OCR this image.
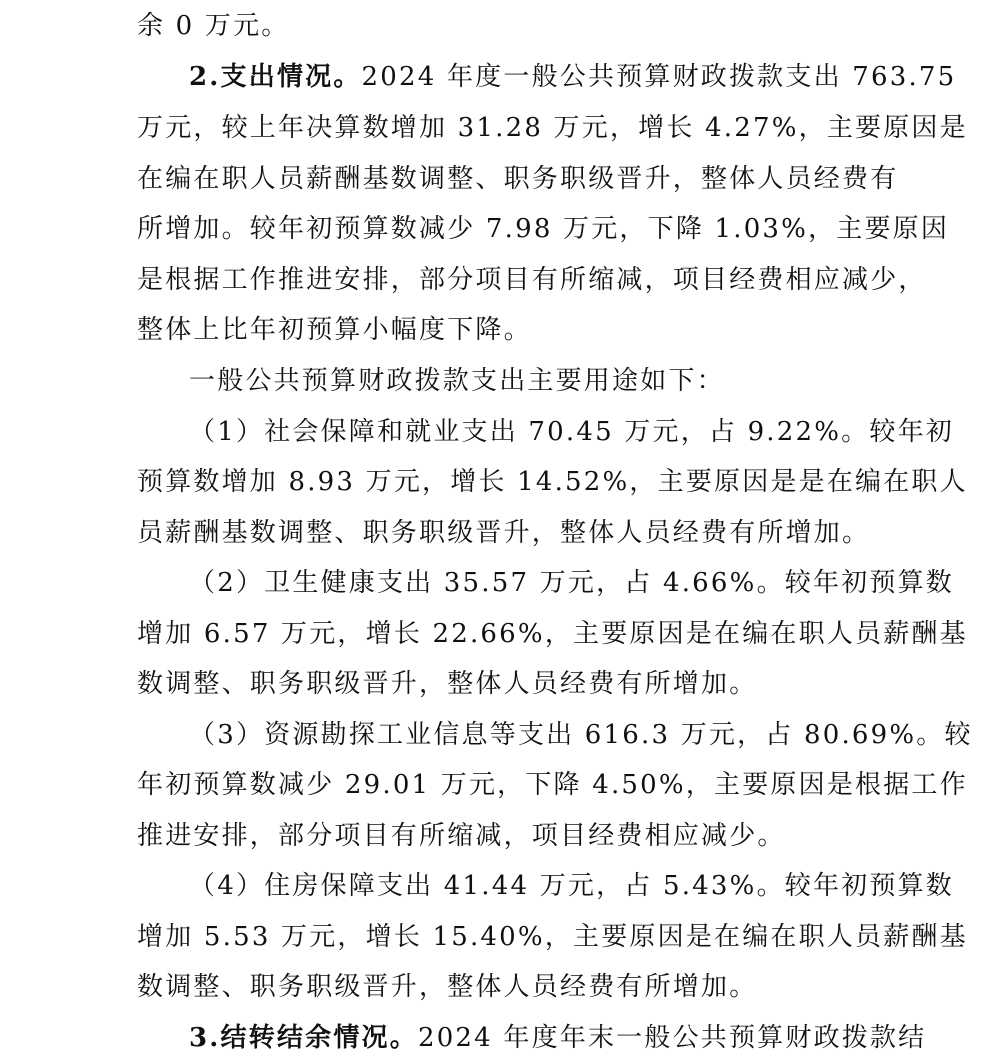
余 0 万元。
2.支出情况。2024 年度一般公共预算财政拨款支出 763.75
万元，较上年决算数增加 31.28 万元，增长 4.27%，主要原因是
在编在职人员薪酬基数调整、职务职级晋升，整体人员经费有
所增加。较年初预算数减少 7.98 万元，下降 1.03%，主要原因
是根据工作推进安排，部分项目有所缩减，项目经费相应减少，
整体上比年初预算小幅度下降。
一般公共预算财政拨款支出主要用途如下：
（1）社会保障和就业支出 70.45 万元，占 9.22%。较年初
预算数增加 8.93 万元，增长 14.52%，主要原因是是在编在职人
员薪酬基数调整、职务职级晋升，整体人员经费有所增加。
（2）卫生健康支出 35.57 万元，占 4.66%。较年初预算数
增加 6.57 万元，增长 22.66%，主要原因是在编在职人员薪酬基
数调整、职务职级晋升，整体人员经费有所增加。
（3）资源勘探工业信息等支出 616.3 万元，占 80.69%。较
年初预算数减少 29.01 万元，下降 4.50%，主要原因是根据工作
推进安排，部分项目有所缩减，项目经费相应减少。
（4）住房保障支出 41.44 万元，占 5.43%。较年初预算数
增加 5.53 万元，增长 15.40%，主要原因是在编在职人员薪酬基
数调整、职务职级晋升，整体人员经费有所增加。
3.结转结余情况。2024 年度年末一般公共预算财政拨款结
